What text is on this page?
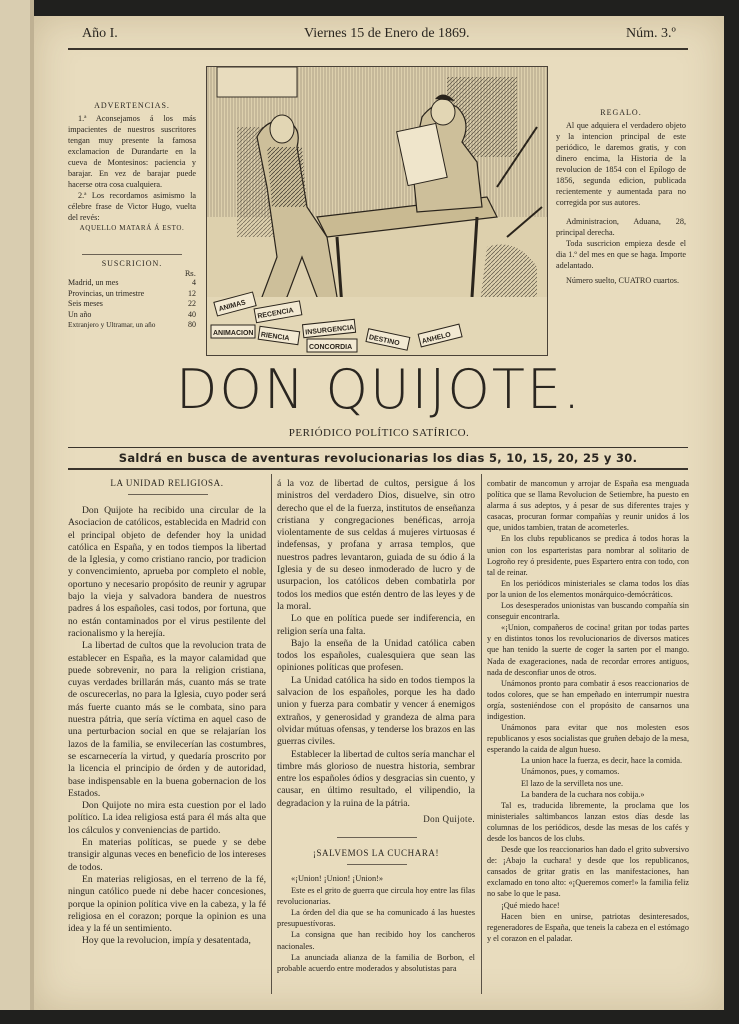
Año I.	Viernes 15 de Enero de 1869.	Núm. 3.º
ADVERTENCIAS.

1.ª Aconsejamos á los más impacientes de nuestros suscritores tengan muy presente la famosa exclamacion de Durandarte en la cueva de Montesinos: paciencia y barajar. En vez de barajar puede hacerse otra cosa cualquiera.

2.ª Los recordamos asimismo la célebre frase de Victor Hugo, vuelta del revés:

AQUELLO MATARÁ Á ESTO.
SUSCRICION.
Rs.
Madrid, un mes	4
Provincias, un trimestre	12
Seis meses	22
Un año	40
Extranjero y Ultramar, un año	80
ANIMAS
RECENCIA
ANIMACION RIENCIA
INSURGENCIA
CONCORDIA
DESTINO	ANHELO
REGALO.

Al que adquiera el verdadero objeto y la intencion principal de este periódico, le daremos gratis, y con dinero encima, la Historia de la revolucion de 1854 con el Epílogo de 1856, segunda edicion, publicada recientemente y aumentada para no corregida por sus autores.

Administracion, Aduana, 28, principal derecha.

Toda suscricion empieza desde el dia 1.º del mes en que se haga. Importe adelantado.

Número suelto, CUATRO cuartos.

DON QUIJOTE.
PERIÓDICO POLÍTICO SATÍRICO.
Saldrá en busca de aventuras revolucionarias los dias 5, 10, 15, 20, 25 y 30.
LA UNIDAD RELIGIOSA.

Don Quijote ha recibido una circular de la Asociacion de católicos, establecida en Madrid con el principal objeto de defender hoy la unidad católica en España, y en todos tiempos la libertad de la Iglesia, y como cristiano rancio, por tradicion y convencimiento, aprueba por completo el noble, oportuno y necesario propósito de reunir y agrupar bajo la vieja y salvadora bandera de nuestros padres á los españoles, casi todos, por fortuna, que no están contaminados por el virus pestilente del racionalismo y la herejía.

La libertad de cultos que la revolucion trata de establecer en España, es la mayor calamidad que puede sobrevenir, no para la religion cristiana, cuyas verdades brillarán más, cuanto más se trate de oscurecerlas, no para la Iglesia, cuyo poder será más fuerte cuanto más se le combata, sino para nuestra pátria, que sería víctima en aquel caso de una perturbacion social en que se relajarían los lazos de la familia, se envilecerían las costumbres, se escarnecería la virtud, y quedaría proscrito por la licencia el principio de órden y de autoridad, base indispensable en la buena gobernacion de los Estados.

Don Quijote no mira esta cuestion por el lado político. La idea religiosa está para él más alta que los cálculos y conveniencias de partido.

En materias políticas, se puede y se debe transigir algunas veces en beneficio de los intereses de todos.

En materias religiosas, en el terreno de la fé, ningun católico puede ni debe hacer concesiones, porque la opinion política vive en la cabeza, y la fé religiosa en el corazon; porque la opinion es una idea y la fé un sentimiento.

Hoy que la revolucion, impía y desatentada,

á la voz de libertad de cultos, persigue á los ministros del verdadero Dios, disuelve, sin otro derecho que el de la fuerza, institutos de enseñanza cristiana y congregaciones benéficas, arroja violentamente de sus celdas á mujeres virtuosas é indefensas, y profana y arrasa templos, que nuestros padres levantaron, guiada de su ódio á la Iglesia y de su deseo inmoderado de lucro y de usurpacion, los católicos deben combatirla por todos los medios que estén dentro de las leyes y de la moral.

Lo que en política puede ser indiferencia, en religion sería una falta.

Bajo la enseña de la Unidad católica caben todos los españoles, cualesquiera que sean las opiniones políticas que profesen.

La Unidad católica ha sido en todos tiempos la salvacion de los españoles, porque les ha dado union y fuerza para combatir y vencer á enemigos extraños, y generosidad y grandeza de alma para olvidar mútuas ofensas, y tenderse los brazos en las guerras civiles.

Establecer la libertad de cultos sería manchar el timbre más glorioso de nuestra historia, sembrar entre los españoles ódios y desgracias sin cuento, y causar, en último resultado, el vilipendio, la degradacion y la ruina de la pátria.

Don Quijote.
¡SALVEMOS LA CUCHARA!

«¡Union! ¡Union! ¡Union!»

Este es el grito de guerra que circula hoy entre las filas revolucionarias.

La órden del dia que se ha comunicado á las huestes presupuestívoras.

La consigna que han recibido hoy los cancheros nacionales.

La anunciada alianza de la familia de Borbon, el probable acuerdo entre moderados y absolutistas para

combatir de mancomun y arrojar de España esa menguada política que se llama Revolucion de Setiembre, ha puesto en alarma á sus adeptos, y á pesar de sus diferentes trajes y casacas, procuran formar compañías y reunir unidos á los que, unidos tambien, tratan de acometerles.

En los clubs republicanos se predica á todos horas la union con los esparteristas para nombrar al solitario de Logroño rey ó presidente, pues Espartero entra con todo, con tal de reinar.

En los periódicos ministeriales se clama todos los días por la union de los elementos monárquico-demócráticos.

Los desesperados unionistas van buscando compañía sin conseguir encontrarla.

«¡Union, compañeros de cocina! gritan por todas partes y en distintos tonos los revolucionarios de diversos matices que han tenido la suerte de coger la sarten por el mango. Nada de exageraciones, nada de recordar errores antiguos, nada de desconfiar unos de otros.

Unámonos pronto para combatir á esos reaccionarios de todos colores, que se han empeñado en interrumpir nuestra orgía, sosteniéndose con el propósito de cansarnos una indigestion.

Unámonos para evitar que nos molesten esos republicanos y esos socialistas que gruñen debajo de la mesa, esperando la caida de algun hueso.

La union hace la fuerza, es decir, hace la comida.

Unámonos, pues, y comamos.

El lazo de la servilleta nos une.

La bandera de la cuchara nos cobija.»

Tal es, traducida libremente, la proclama que los ministeriales saltimbancos lanzan estos días desde las columnas de los periódicos, desde las mesas de los cafés y desde los bancos de los clubs.

Desde que los reaccionarios han dado el grito subversivo de: ¡Abajo la cuchara! y desde que los republicanos, cansados de gritar gratis en las manifestaciones, han exclamado en tono alto: «¡Queremos comer!» la familia feliz no sabe lo que le pasa.

¡Qué miedo hace!

Hacen bien en unirse, patriotas desinteresados, regeneradores de España, que teneis la cabeza en el estómago y el corazon en el paladar.
